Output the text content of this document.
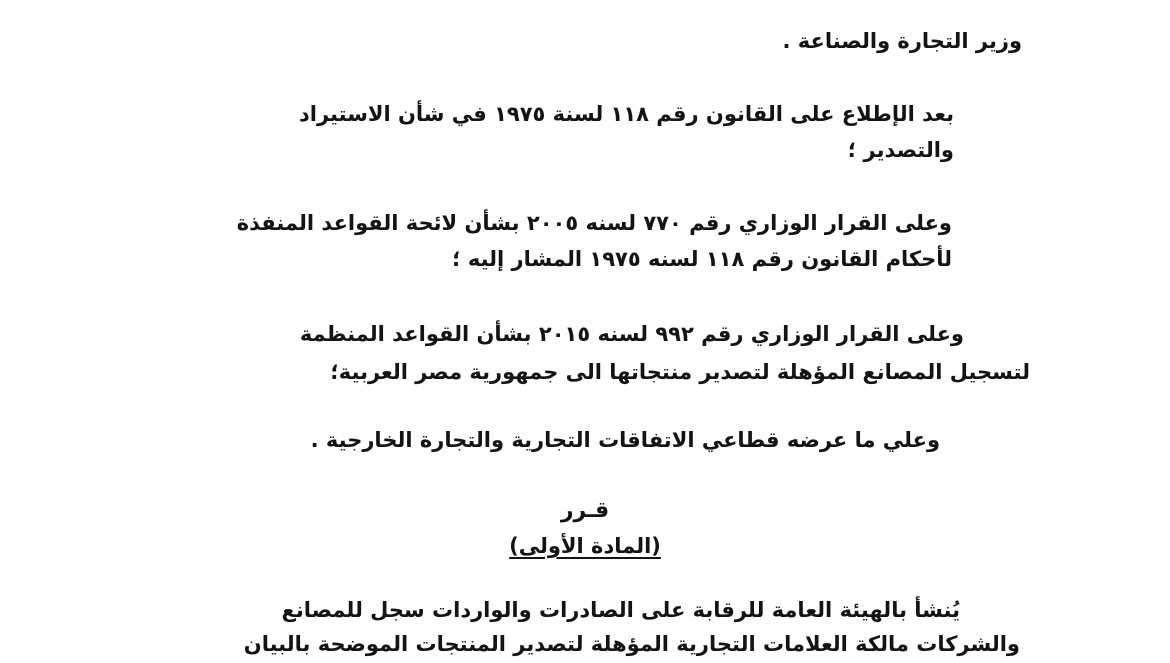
وزير التجارة والصناعة .
بعد الإطلاع على القانون رقم ١١٨ لسنة ١٩٧٥ في شأن الاستيراد
والتصدير ؛
وعلى القرار الوزاري رقم ٧٧٠ لسنه ٢٠٠٥ بشأن لائحة القواعد المنفذة
لأحكام القانون رقم ١١٨ لسنه ١٩٧٥ المشار إليه ؛
وعلى القرار الوزاري رقم ٩٩٢ لسنه ٢٠١٥ بشأن القواعد المنظمة
لتسجيل المصانع المؤهلة لتصدير منتجاتها الى جمهورية مصر العربية؛
وعلي ما عرضه قطاعي الاتفاقات التجارية والتجارة الخارجية .
قـرر
(المادة الأولى)
يُنشأ بالهيئة العامة للرقابة على الصادرات والواردات سجل للمصانع
والشركات مالكة العلامات التجارية المؤهلة لتصدير المنتجات الموضحة بالبيان
